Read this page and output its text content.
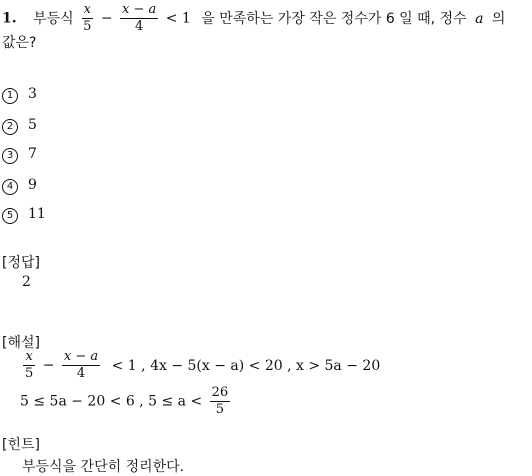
1. 부등식 $\frac{x}{5} - \frac{x - a}{4} < 1$ 을 만족하는 가장 작은 정수가 6 일 때, 정수 a 의
값은?
1 3
2 5
3 7
4 9
5 11
[정답]
2
[해설]
$\frac{x}{5} - \frac{x - a}{4} < 1$ , 4x − 5(x − a) < 20 , x > 5a − 20
5 ≤ 5a − 20 < 6 , $5 \le a < \frac{26}{5}$
[힌트]
부등식을 간단히 정리한다.
